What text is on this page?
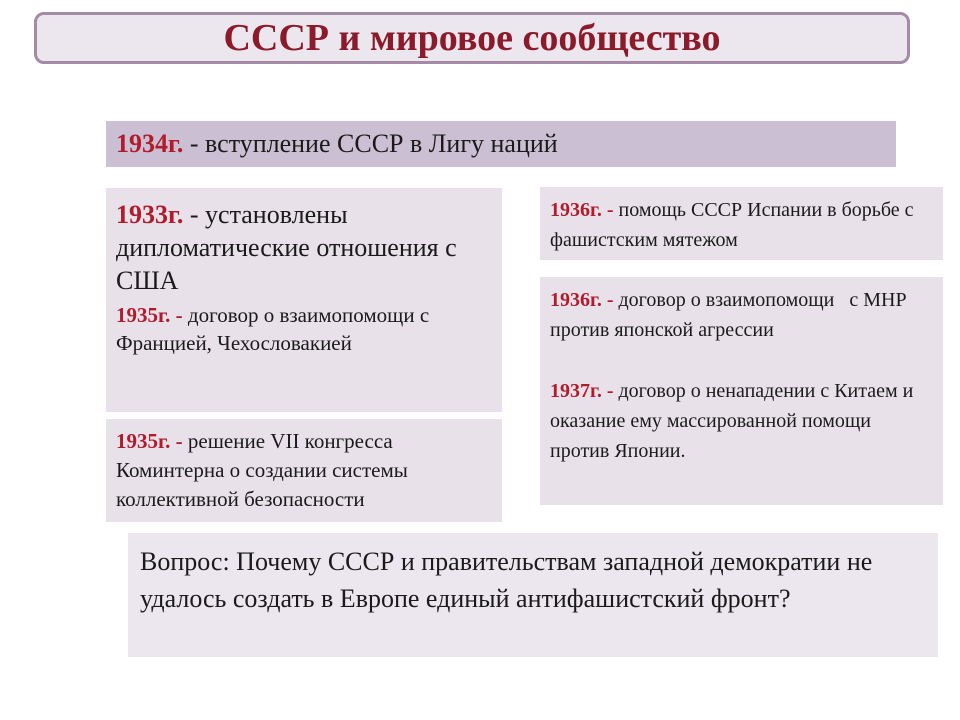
СССР и мировое сообщество
1934г. - вступление СССР в Лигу наций
1933г. - установлены дипломатические отношения с США
1935г. - договор о взаимопомощи с Францией, Чехословакией
1935г. - решение VII конгресса Коминтерна о создании системы коллективной безопасности
1936г. - помощь СССР Испании в борьбе с фашистским мятежом
1936г. - договор о взаимопомощи   с МНР против японской агрессии
1937г. - договор о ненападении с Китаем и оказание ему массированной помощи против Японии.
Вопрос: Почему СССР и правительствам западной демократии не удалось создать в Европе единый антифашистский фронт?
